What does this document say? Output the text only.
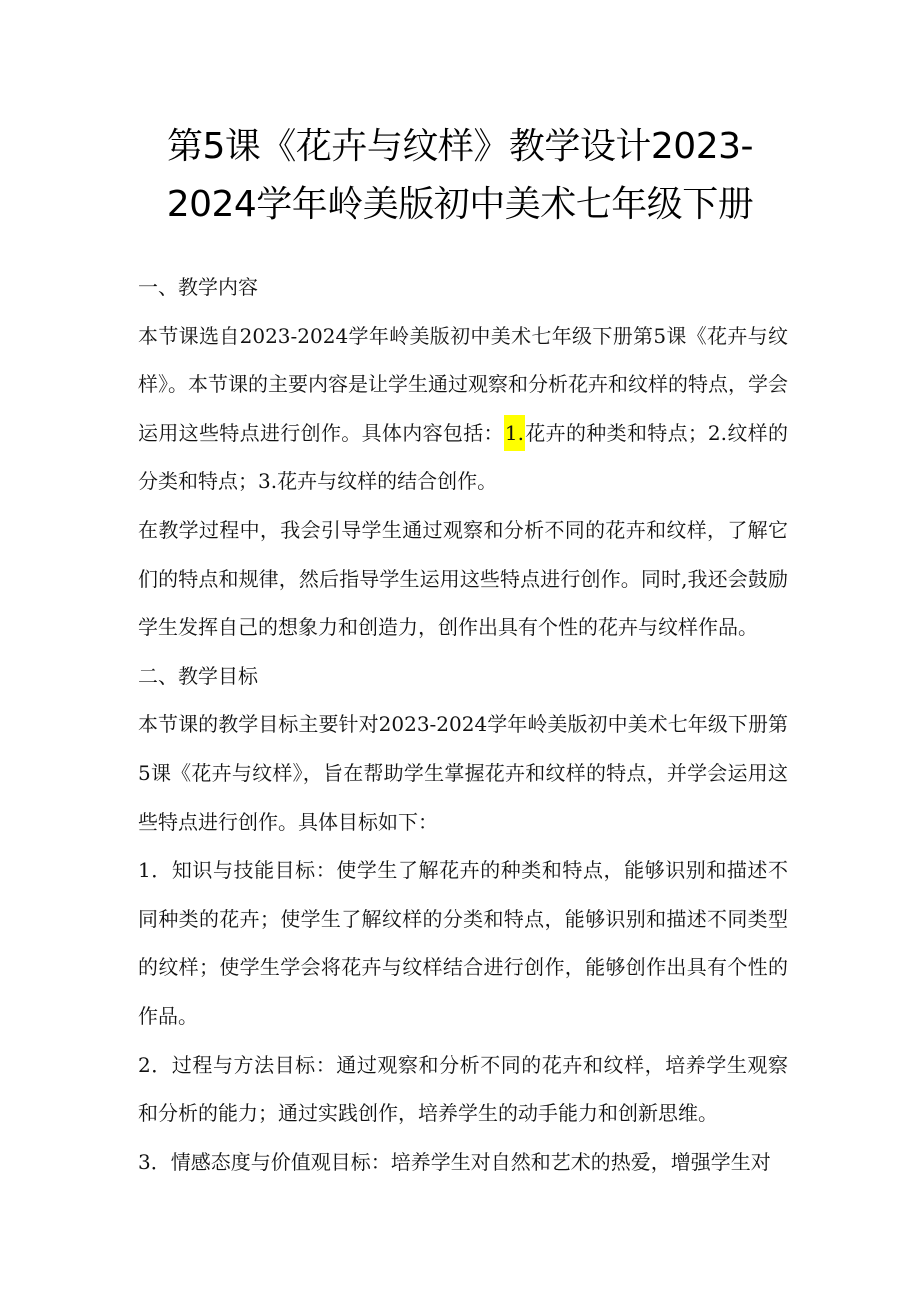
第5课《花卉与纹样》教学设计2023-
2024学年岭美版初中美术七年级下册

一、教学内容

本节课选自2023-2024学年岭美版初中美术七年级下册第5课《花卉与纹样》。本节课的主要内容是让学生通过观察和分析花卉和纹样的特点，学会运用这些特点进行创作。具体内容包括：1.花卉的种类和特点；2.纹样的分类和特点；3.花卉与纹样的结合创作。

在教学过程中，我会引导学生通过观察和分析不同的花卉和纹样，了解它们的特点和规律，然后指导学生运用这些特点进行创作。同时,我还会鼓励学生发挥自己的想象力和创造力，创作出具有个性的花卉与纹样作品。

二、教学目标

本节课的教学目标主要针对2023-2024学年岭美版初中美术七年级下册第5课《花卉与纹样》，旨在帮助学生掌握花卉和纹样的特点，并学会运用这些特点进行创作。具体目标如下：

1．知识与技能目标：使学生了解花卉的种类和特点，能够识别和描述不同种类的花卉；使学生了解纹样的分类和特点，能够识别和描述不同类型的纹样；使学生学会将花卉与纹样结合进行创作，能够创作出具有个性的作品。

2．过程与方法目标：通过观察和分析不同的花卉和纹样，培养学生观察和分析的能力；通过实践创作，培养学生的动手能力和创新思维。

3．情感态度与价值观目标：培养学生对自然和艺术的热爱，增强学生对
